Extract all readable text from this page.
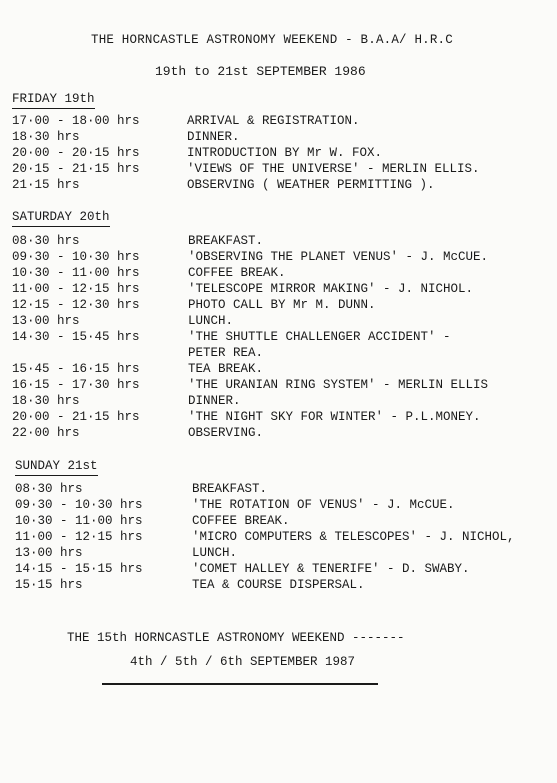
THE HORNCASTLE ASTRONOMY WEEKEND - B.A.A/ H.R.C
19th to 21st SEPTEMBER 1986
FRIDAY 19th
17·00 - 18·00 hrs	ARRIVAL & REGISTRATION.
18·30 hrs	DINNER.
20·00 - 20·15 hrs	INTRODUCTION BY Mr W. FOX.
20·15 - 21·15 hrs	'VIEWS OF THE UNIVERSE' - MERLIN ELLIS.
21·15 hrs	OBSERVING ( WEATHER PERMITTING ).
SATURDAY 20th
08·30 hrs	BREAKFAST.
09·30 - 10·30 hrs	'OBSERVING THE PLANET VENUS' - J. McCUE.
10·30 - 11·00 hrs	COFFEE BREAK.
11·00 - 12·15 hrs	'TELESCOPE MIRROR MAKING' - J. NICHOL.
12·15 - 12·30 hrs	PHOTO CALL BY Mr M. DUNN.
13·00 hrs	LUNCH.
14·30 - 15·45 hrs	'THE SHUTTLE CHALLENGER ACCIDENT' -
PETER REA.
15·45 - 16·15 hrs	TEA BREAK.
16·15 - 17·30 hrs	'THE URANIAN RING SYSTEM' - MERLIN ELLIS
18·30 hrs	DINNER.
20·00 - 21·15 hrs	'THE NIGHT SKY FOR WINTER' - P.L.MONEY.
22·00 hrs	OBSERVING.
SUNDAY 21st
08·30 hrs	BREAKFAST.
09·30 - 10·30 hrs	'THE ROTATION OF VENUS' - J. McCUE.
10·30 - 11·00 hrs	COFFEE BREAK.
11·00 - 12·15 hrs	'MICRO COMPUTERS & TELESCOPES' - J. NICHOL,
13·00 hrs	LUNCH.
14·15 - 15·15 hrs	'COMET HALLEY & TENERIFE' - D. SWABY.
15·15 hrs	TEA & COURSE DISPERSAL.
THE 15th HORNCASTLE ASTRONOMY WEEKEND -------
4th / 5th / 6th SEPTEMBER 1987
